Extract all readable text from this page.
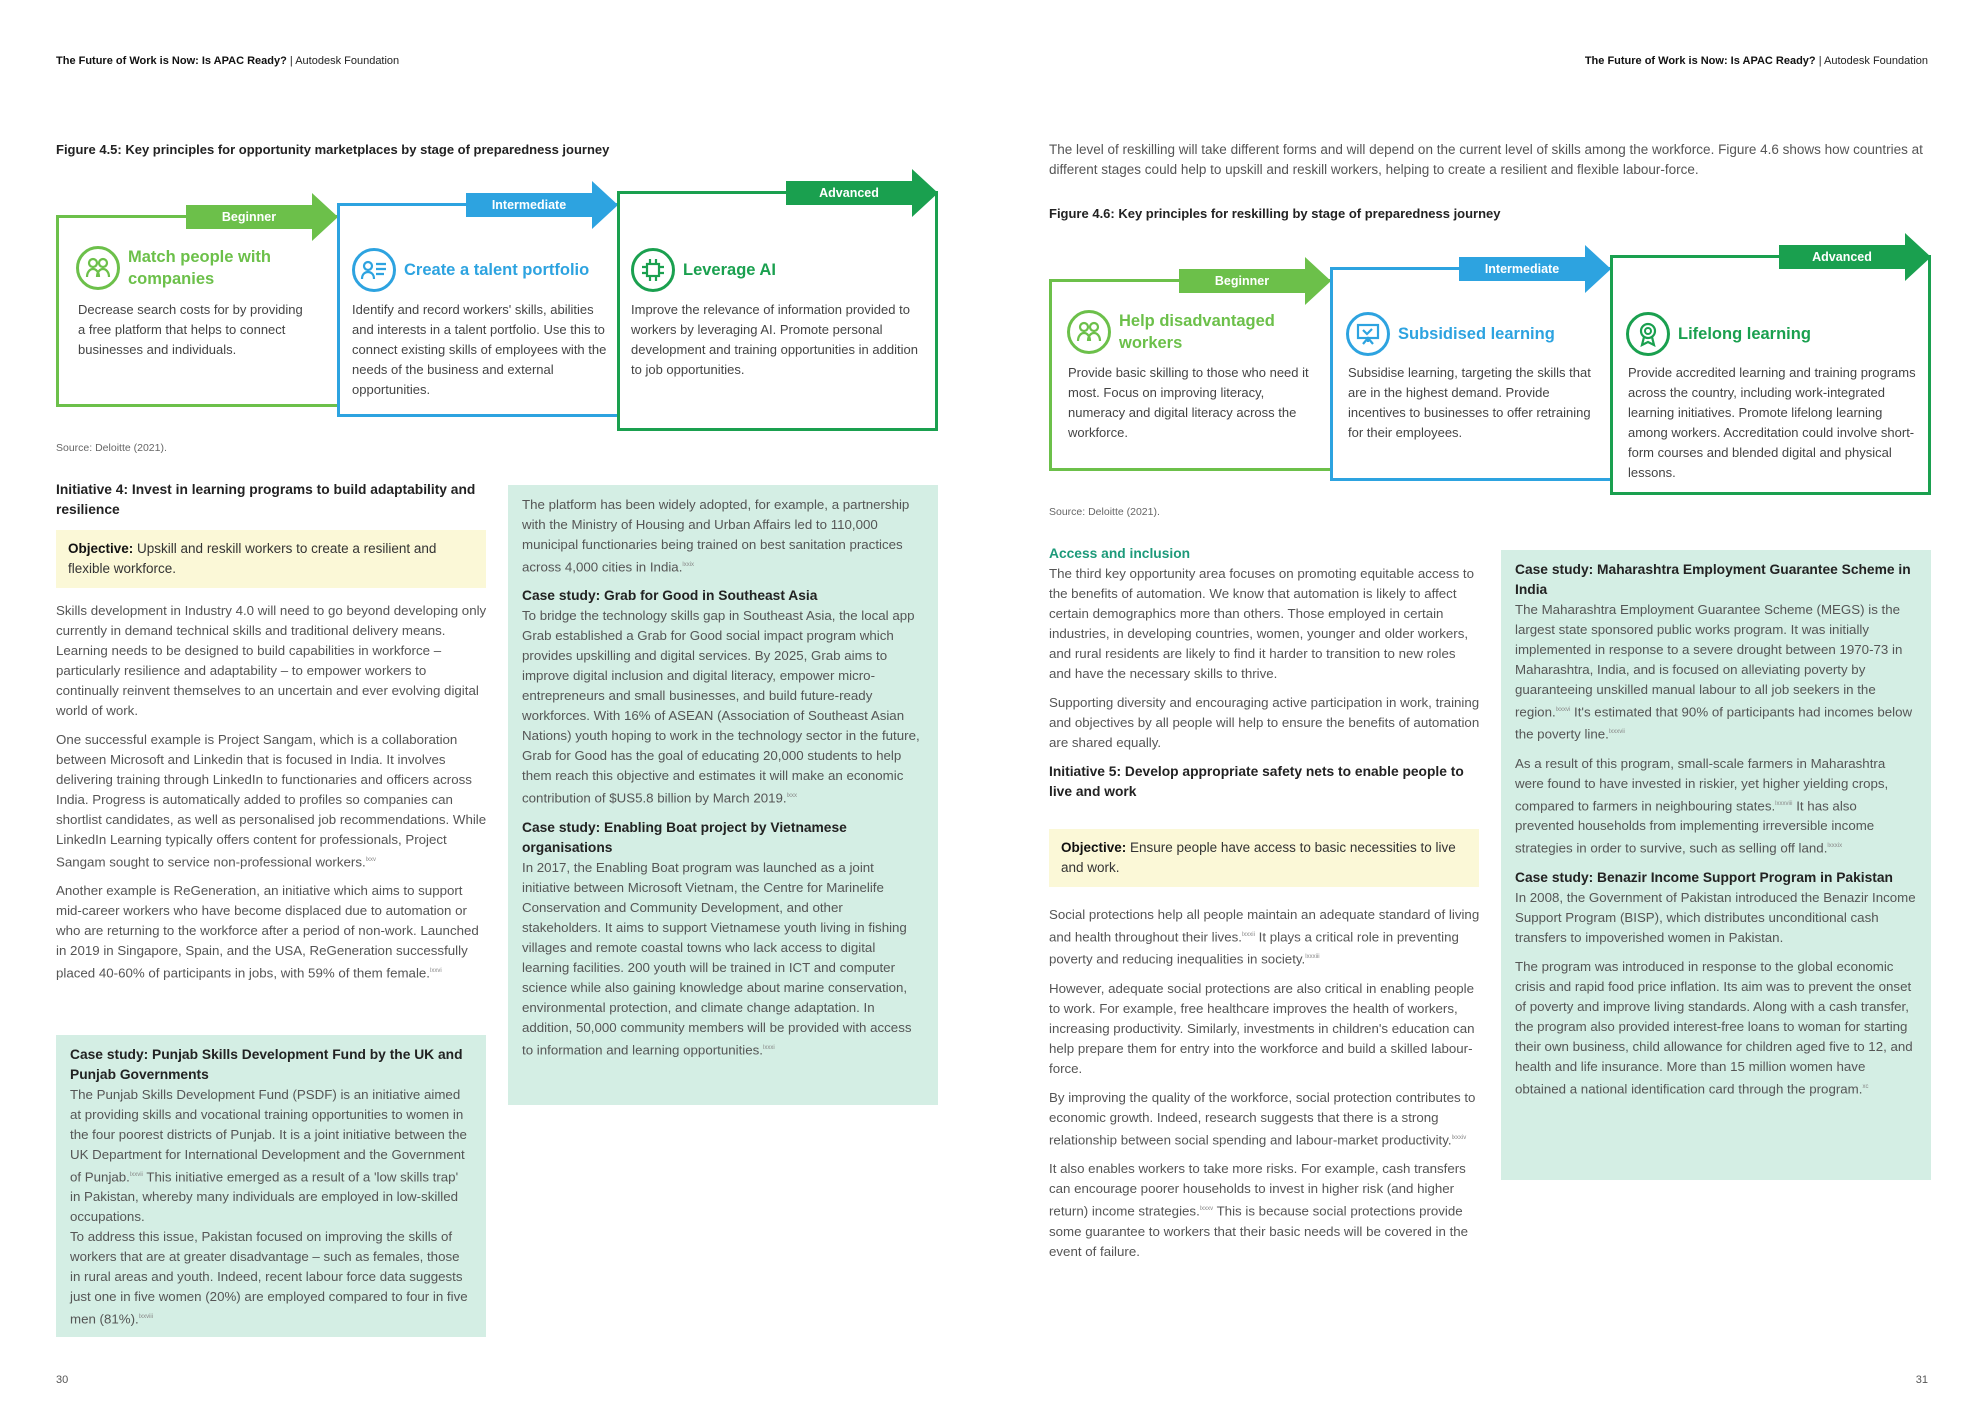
The Future of Work is Now: Is APAC Ready? | Autodesk Foundation
Figure 4.5: Key principles for opportunity marketplaces by stage of preparedness journey
Beginner
Match people with companies
Decrease search costs for by providing a free platform that helps to connect businesses and individuals.
Intermediate
Create a talent portfolio
Identify and record workers' skills, abilities and interests in a talent portfolio. Use this to connect existing skills of employees with the needs of the business and external opportunities.
Advanced
Leverage AI
Improve the relevance of information provided to workers by leveraging AI. Promote personal development and training opportunities in addition to job opportunities.
Source: Deloitte (2021).
Initiative 4: Invest in learning programs to build adaptability and resilience
Objective: Upskill and reskill workers to create a resilient and flexible workforce.

Skills development in Industry 4.0 will need to go beyond developing only currently in demand technical skills and traditional delivery means. Learning needs to be designed to build capabilities in workforce – particularly resilience and adaptability – to empower workers to continually reinvent themselves to an uncertain and ever evolving digital world of work.

One successful example is Project Sangam, which is a collaboration between Microsoft and Linkedin that is focused in India. It involves delivering training through LinkedIn to functionaries and officers across India. Progress is automatically added to profiles so companies can shortlist candidates, as well as personalised job recommendations. While LinkedIn Learning typically offers content for professionals, Project Sangam sought to service non-professional workers.$^{lxxv}$

Another example is ReGeneration, an initiative which aims to support mid-career workers who have become displaced due to automation or who are returning to the workforce after a period of non-work. Launched in 2019 in Singapore, Spain, and the USA, ReGeneration successfully placed 40-60% of participants in jobs, with 59% of them female.$^{lxxvi}$

Case study: Punjab Skills Development Fund by the UK and Punjab Governments
The Punjab Skills Development Fund (PSDF) is an initiative aimed at providing skills and vocational training opportunities to women in the four poorest districts of Punjab. It is a joint initiative between the UK Department for International Development and the Government of Punjab.$^{lxxvii}$ This initiative emerged as a result of a 'low skills trap' in Pakistan, whereby many individuals are employed in low-skilled occupations.
To address this issue, Pakistan focused on improving the skills of workers that are at greater disadvantage – such as females, those in rural areas and youth. Indeed, recent labour force data suggests just one in five women (20%) are employed compared to four in five men (81%).$^{lxxviii}$

The platform has been widely adopted, for example, a partnership with the Ministry of Housing and Urban Affairs led to 110,000 municipal functionaries being trained on best sanitation practices across 4,000 cities in India.$^{lxxix}$

Case study: Grab for Good in Southeast Asia

To bridge the technology skills gap in Southeast Asia, the local app Grab established a Grab for Good social impact program which provides upskilling and digital services. By 2025, Grab aims to improve digital inclusion and digital literacy, empower micro-entrepreneurs and small businesses, and build future-ready workforces. With 16% of ASEAN (Association of Southeast Asian Nations) youth hoping to work in the technology sector in the future, Grab for Good has the goal of educating 20,000 students to help them reach this objective and estimates it will make an economic contribution of $US5.8 billion by March 2019.$^{lxxx}$

Case study: Enabling Boat project by Vietnamese organisations

In 2017, the Enabling Boat program was launched as a joint initiative between Microsoft Vietnam, the Centre for Marinelife Conservation and Community Development, and other stakeholders. It aims to support Vietnamese youth living in fishing villages and remote coastal towns who lack access to digital learning facilities. 200 youth will be trained in ICT and computer science while also gaining knowledge about marine conservation, environmental protection, and climate change adaptation. In addition, 50,000 community members will be provided with access to information and learning opportunities.$^{lxxxi}$

30
The Future of Work is Now: Is APAC Ready? | Autodesk Foundation
The level of reskilling will take different forms and will depend on the current level of skills among the workforce. Figure 4.6 shows how countries at different stages could help to upskill and reskill workers, helping to create a resilient and flexible labour-force.
Figure 4.6: Key principles for reskilling by stage of preparedness journey
Beginner
Help disadvantaged workers
Provide basic skilling to those who need it most. Focus on improving literacy, numeracy and digital literacy across the workforce.
Intermediate
Subsidised learning
Subsidise learning, targeting the skills that are in the highest demand. Provide incentives to businesses to offer retraining for their employees.
Advanced
Lifelong learning
Provide accredited learning and training programs across the country, including work-integrated learning initiatives. Promote lifelong learning among workers. Accreditation could involve short-form courses and blended digital and physical lessons.
Source: Deloitte (2021).
Access and inclusion

The third key opportunity area focuses on promoting equitable access to the benefits of automation. We know that automation is likely to affect certain demographics more than others. Those employed in certain industries, in developing countries, women, younger and older workers, and rural residents are likely to find it harder to transition to new roles and have the necessary skills to thrive.

Supporting diversity and encouraging active participation in work, training and objectives by all people will help to ensure the benefits of automation are shared equally.

Initiative 5: Develop appropriate safety nets to enable people to live and work
Objective: Ensure people have access to basic necessities to live and work.

Social protections help all people maintain an adequate standard of living and health throughout their lives.$^{lxxxii}$ It plays a critical role in preventing poverty and reducing inequalities in society.$^{lxxxiii}$

However, adequate social protections are also critical in enabling people to work. For example, free healthcare improves the health of workers, increasing productivity. Similarly, investments in children's education can help prepare them for entry into the workforce and build a skilled labour-force.

By improving the quality of the workforce, social protection contributes to economic growth. Indeed, research suggests that there is a strong relationship between social spending and labour-market productivity.$^{lxxxiv}$

It also enables workers to take more risks. For example, cash transfers can encourage poorer households to invest in higher risk (and higher return) income strategies.$^{lxxxv}$ This is because social protections provide some guarantee to workers that their basic needs will be covered in the event of failure.

Case study: Maharashtra Employment Guarantee Scheme in India

The Maharashtra Employment Guarantee Scheme (MEGS) is the largest state sponsored public works program. It was initially implemented in response to a severe drought between 1970-73 in Maharashtra, India, and is focused on alleviating poverty by guaranteeing unskilled manual labour to all job seekers in the region.$^{lxxxvi}$ It's estimated that 90% of participants had incomes below the poverty line.$^{lxxxvii}$

As a result of this program, small-scale farmers in Maharashtra were found to have invested in riskier, yet higher yielding crops, compared to farmers in neighbouring states.$^{lxxxviii}$ It has also prevented households from implementing irreversible income strategies in order to survive, such as selling off land.$^{lxxxix}$

Case study: Benazir Income Support Program in Pakistan

In 2008, the Government of Pakistan introduced the Benazir Income Support Program (BISP), which distributes unconditional cash transfers to impoverished women in Pakistan.

The program was introduced in response to the global economic crisis and rapid food price inflation. Its aim was to prevent the onset of poverty and improve living standards. Along with a cash transfer, the program also provided interest-free loans to woman for starting their own business, child allowance for children aged five to 12, and health and life insurance. More than 15 million women have obtained a national identification card through the program.$^{xc}$

31
